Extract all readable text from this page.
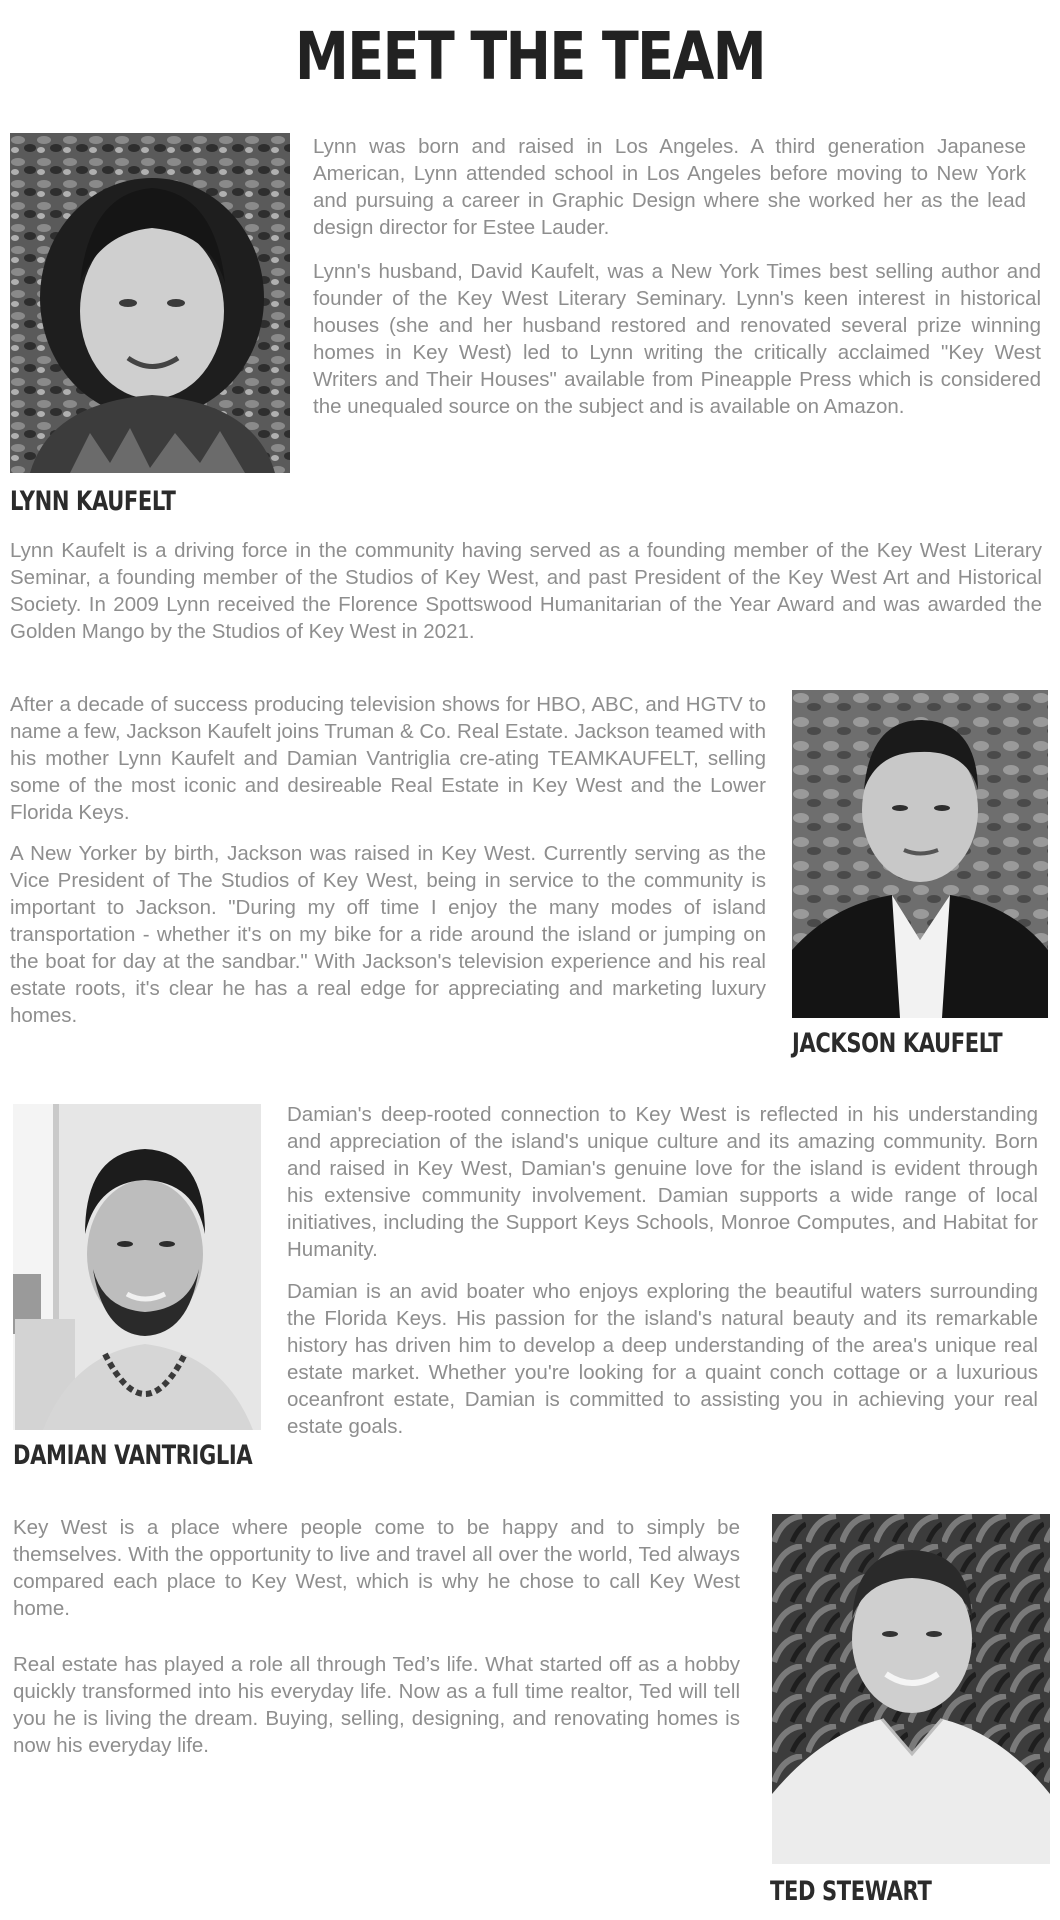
MEET THE TEAM
Lynn was born and raised in Los Angeles. A third generation Japanese American, Lynn attended school in Los Angeles before moving to New York and pursuing a career in Graphic Design where she worked her as the lead design director for Estee Lauder.
Lynn's husband, David Kaufelt, was a New York Times best selling author and founder of the Key West Literary Seminary. Lynn's keen interest in historical houses (she and her husband restored and renovated several prize winning homes in Key West) led to Lynn writing the critically acclaimed "Key West Writers and Their Houses" available from Pineapple Press which is considered the unequaled source on the subject and is available on Amazon.
LYNN KAUFELT
Lynn Kaufelt is a driving force in the community having served as a founding member of the Key West Literary Seminar, a founding member of the Studios of Key West, and past President of the Key West Art and Historical Society. In 2009 Lynn received the Florence Spottswood Humanitarian of the Year Award and was awarded the Golden Mango by the Studios of Key West in 2021.
After a decade of success producing television shows for HBO, ABC, and HGTV to name a few, Jackson Kaufelt joins Truman & Co. Real Estate. Jackson teamed with his mother Lynn Kaufelt and Damian Vantriglia cre-ating TEAMKAUFELT, selling some of the most iconic and desireable Real Estate in Key West and the Lower Florida Keys.
A New Yorker by birth, Jackson was raised in Key West. Currently serving as the Vice President of The Studios of Key West, being in service to the community is important to Jackson. "During my off time I enjoy the many modes of island transportation - whether it's on my bike for a ride around the island or jumping on the boat for day at the sandbar." With Jackson's television experience and his real estate roots, it's clear he has a real edge for appreciating and marketing luxury homes.
JACKSON KAUFELT
Damian's deep-rooted connection to Key West is reflected in his understanding and appreciation of the island's unique culture and its amazing community. Born and raised in Key West, Damian's genuine love for the island is evident through his extensive community involvement. Damian supports a wide range of local initiatives, including the Support Keys Schools, Monroe Computes, and Habitat for Humanity.
Damian is an avid boater who enjoys exploring the beautiful waters surrounding the Florida Keys. His passion for the island's natural beauty and its remarkable history has driven him to develop a deep understanding of the area's unique real estate market. Whether you're looking for a quaint conch cottage or a luxurious oceanfront estate, Damian is committed to assisting you in achieving your real estate goals.
DAMIAN VANTRIGLIA
Key West is a place where people come to be happy and to simply be themselves. With the opportunity to live and travel all over the world, Ted always compared each place to Key West, which is why he chose to call Key West home.
Real estate has played a role all through Ted’s life. What started off as a hobby quickly transformed into his everyday life. Now as a full time realtor, Ted will tell you he is living the dream. Buying, selling, designing, and renovating homes is now his everyday life.
TED STEWART
